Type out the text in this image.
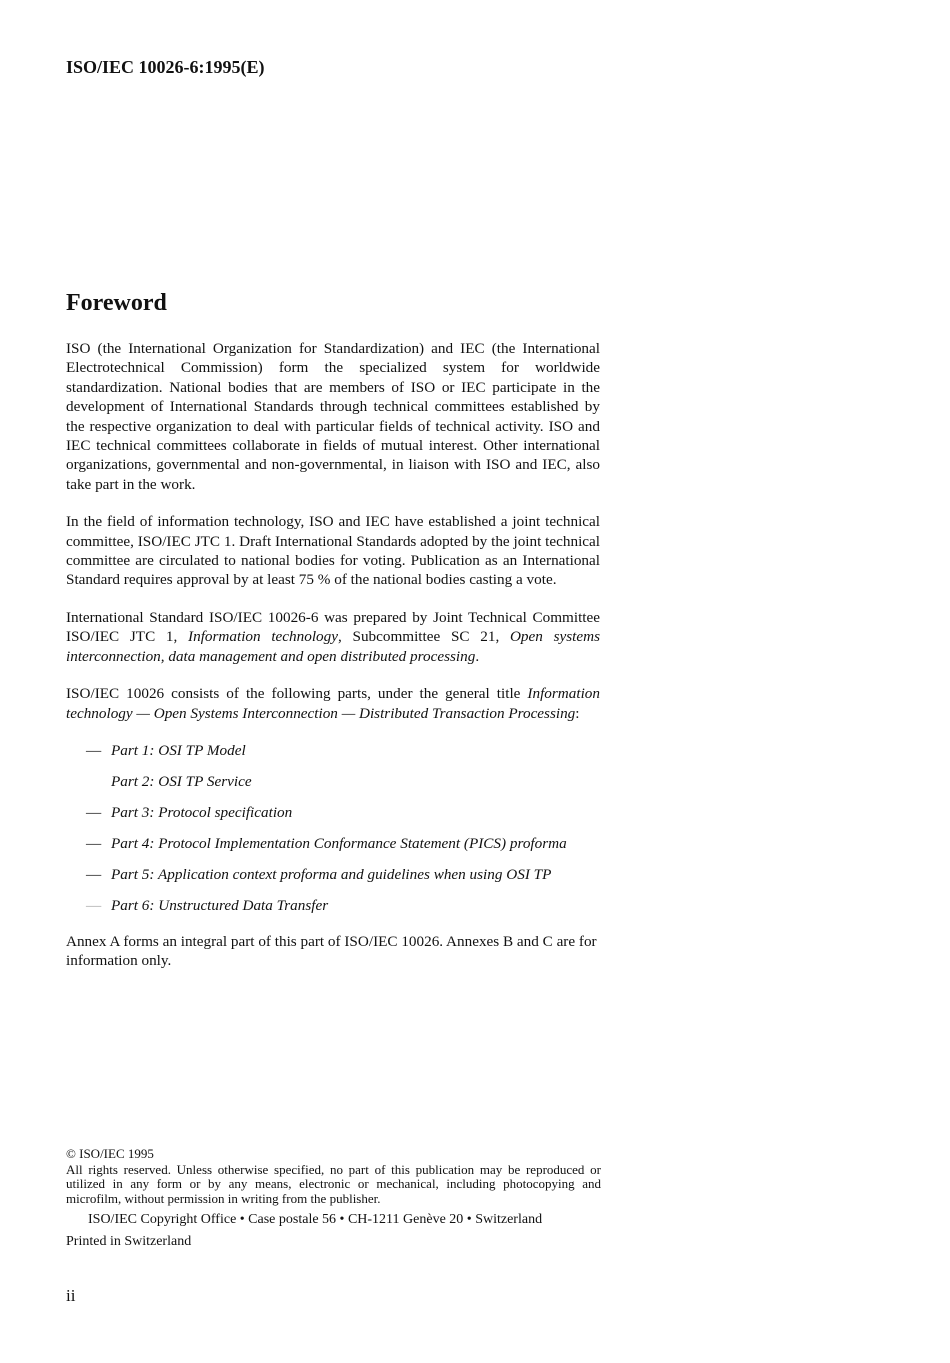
ISO/IEC 10026-6:1995(E)
Foreword

ISO (the International Organization for Standardization) and IEC (the International Electrotechnical Commission) form the specialized system for worldwide standardization. National bodies that are members of ISO or IEC participate in the development of International Standards through technical committees established by the respective organization to deal with particular fields of technical activity. ISO and IEC technical committees collaborate in fields of mutual interest. Other international organizations, governmental and non-governmental, in liaison with ISO and IEC, also take part in the work.

In the field of information technology, ISO and IEC have established a joint technical committee, ISO/IEC JTC 1. Draft International Standards adopted by the joint technical committee are circulated to national bodies for voting. Publication as an International Standard requires approval by at least 75 % of the national bodies casting a vote.

International Standard ISO/IEC 10026-6 was prepared by Joint Technical Committee ISO/IEC JTC 1, Information technology, Subcommittee SC 21, Open systems interconnection, data management and open distributed processing.

ISO/IEC 10026 consists of the following parts, under the general title Information technology — Open Systems Interconnection — Distributed Transaction Processing:

— Part 1: OSI TP Model
— Part 2: OSI TP Service
— Part 3: Protocol specification
— Part 4: Protocol Implementation Conformance Statement (PICS) proforma
— Part 5: Application context proforma and guidelines when using OSI TP
— Part 6: Unstructured Data Transfer

Annex A forms an integral part of this part of ISO/IEC 10026. Annexes B and C are for information only.

© ISO/IEC 1995

All rights reserved. Unless otherwise specified, no part of this publication may be reproduced or utilized in any form or by any means, electronic or mechanical, including photocopying and microfilm, without permission in writing from the publisher.

ISO/IEC Copyright Office • Case postale 56 • CH-1211 Genève 20 • Switzerland
Printed in Switzerland
ii
